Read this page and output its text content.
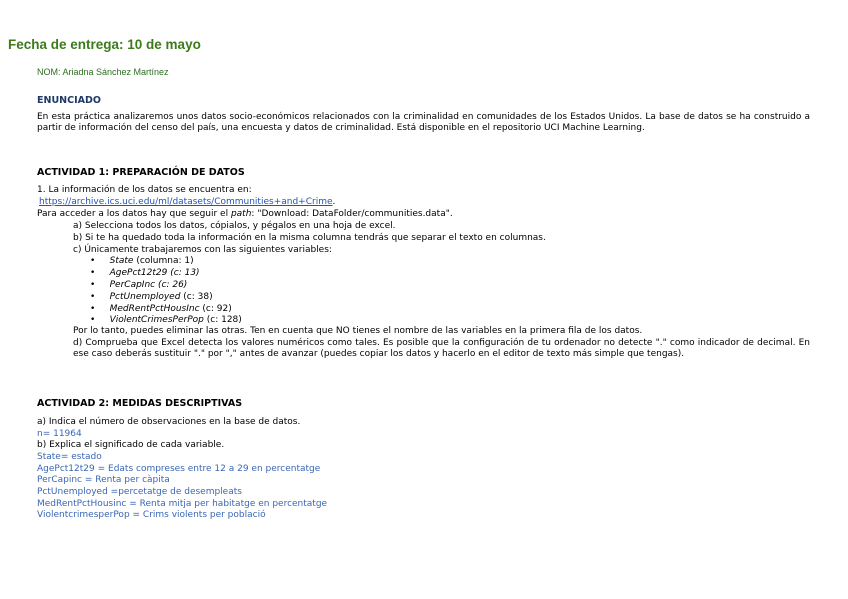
Fecha de entrega: 10 de mayo
NOM: Ariadna Sánchez Martínez
ENUNCIADO
En esta práctica analizaremos unos datos socio-económicos relacionados con la criminalidad en comunidades de los Estados Unidos. La base de datos se ha construido a partir de información del censo del país, una encuesta y datos de criminalidad. Está disponible en el repositorio UCI Machine Learning.
ACTIVIDAD 1: PREPARACIÓN DE DATOS
1. La información de los datos se encuentra en:
https://archive.ics.uci.edu/ml/datasets/Communities+and+Crime.
Para acceder a los datos hay que seguir el path: "Download: DataFolder/communities.data".
a) Selecciona todos los datos, cópialos, y pégalos en una hoja de excel.
b) Si te ha quedado toda la información en la misma columna tendrás que separar el texto en columnas.
c) Únicamente trabajaremos con las siguientes variables:
• State (columna: 1)
• AgePct12t29 (c: 13)
• PerCapInc (c: 26)
• PctUnemployed (c: 38)
• MedRentPctHousInc (c: 92)
• ViolentCrimesPerPop (c: 128)
Por lo tanto, puedes eliminar las otras. Ten en cuenta que NO tienes el nombre de las variables en la primera fila de los datos.
d) Comprueba que Excel detecta los valores numéricos como tales. Es posible que la configuración de tu ordenador no detecte "." como indicador de decimal. En ese caso deberás sustituir "." por "," antes de avanzar (puedes copiar los datos y hacerlo en el editor de texto más simple que tengas).
ACTIVIDAD 2: MEDIDAS DESCRIPTIVAS
a) Indica el número de observaciones en la base de datos.
n= 11964
b) Explica el significado de cada variable.
State= estado
AgePct12t29 = Edats compreses entre 12 a 29 en percentatge
PerCapinc = Renta per càpita
PctUnemployed =percetatge de desempleats
MedRentPctHousinc = Renta mitja per habitatge en percentatge
ViolentcrimesperPop = Crims violents per població
